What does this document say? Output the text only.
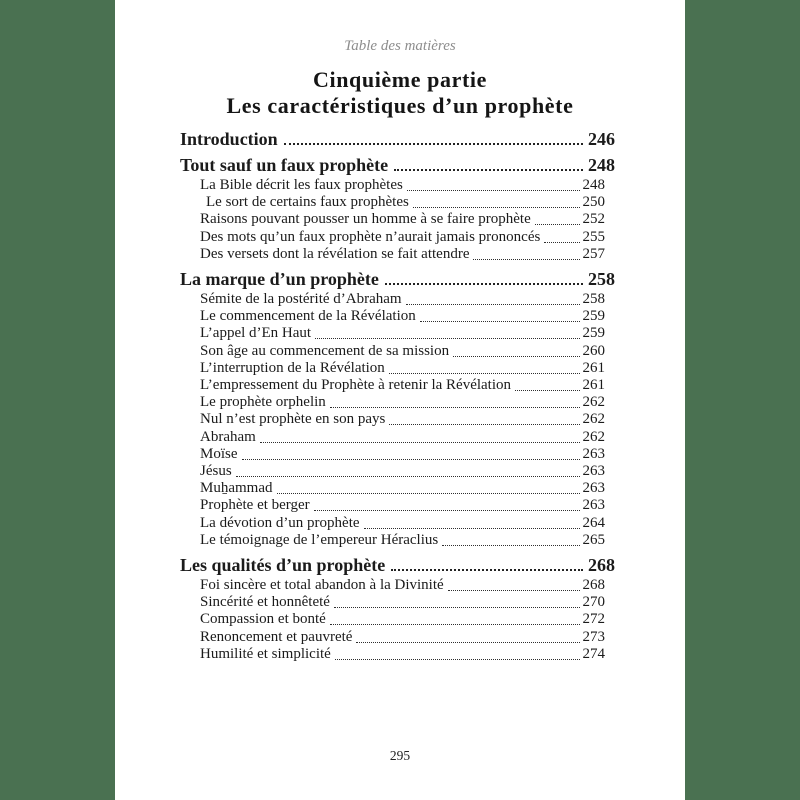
Table des matières
Cinquième partie
Les caractéristiques d’un prophète
Introduction	246
Tout sauf un faux prophète	248
La Bible décrit les faux prophètes	248
Le sort de certains faux prophètes	250
Raisons pouvant pousser un homme à se faire prophète	252
Des mots qu’un faux prophète n’aurait jamais prononcés	255
Des versets dont la révélation se fait attendre	257
La marque d’un prophète	258
Sémite de la postérité d’Abraham	258
Le commencement de la Révélation	259
L’appel d’En Haut	259
Son âge au commencement de sa mission	260
L’interruption de la Révélation	261
L’empressement du Prophète à retenir la Révélation	261
Le prophète orphelin	262
Nul n’est prophète en son pays	262
Abraham	262
Moïse	263
Jésus	263
Muẖammad	263
Prophète et berger	263
La dévotion d’un prophète	264
Le témoignage de l’empereur Héraclius	265
Les qualités d’un prophète	268
Foi sincère et total abandon à la Divinité	268
Sincérité et honnêteté	270
Compassion et bonté	272
Renoncement et pauvreté	273
Humilité et simplicité	274
295
